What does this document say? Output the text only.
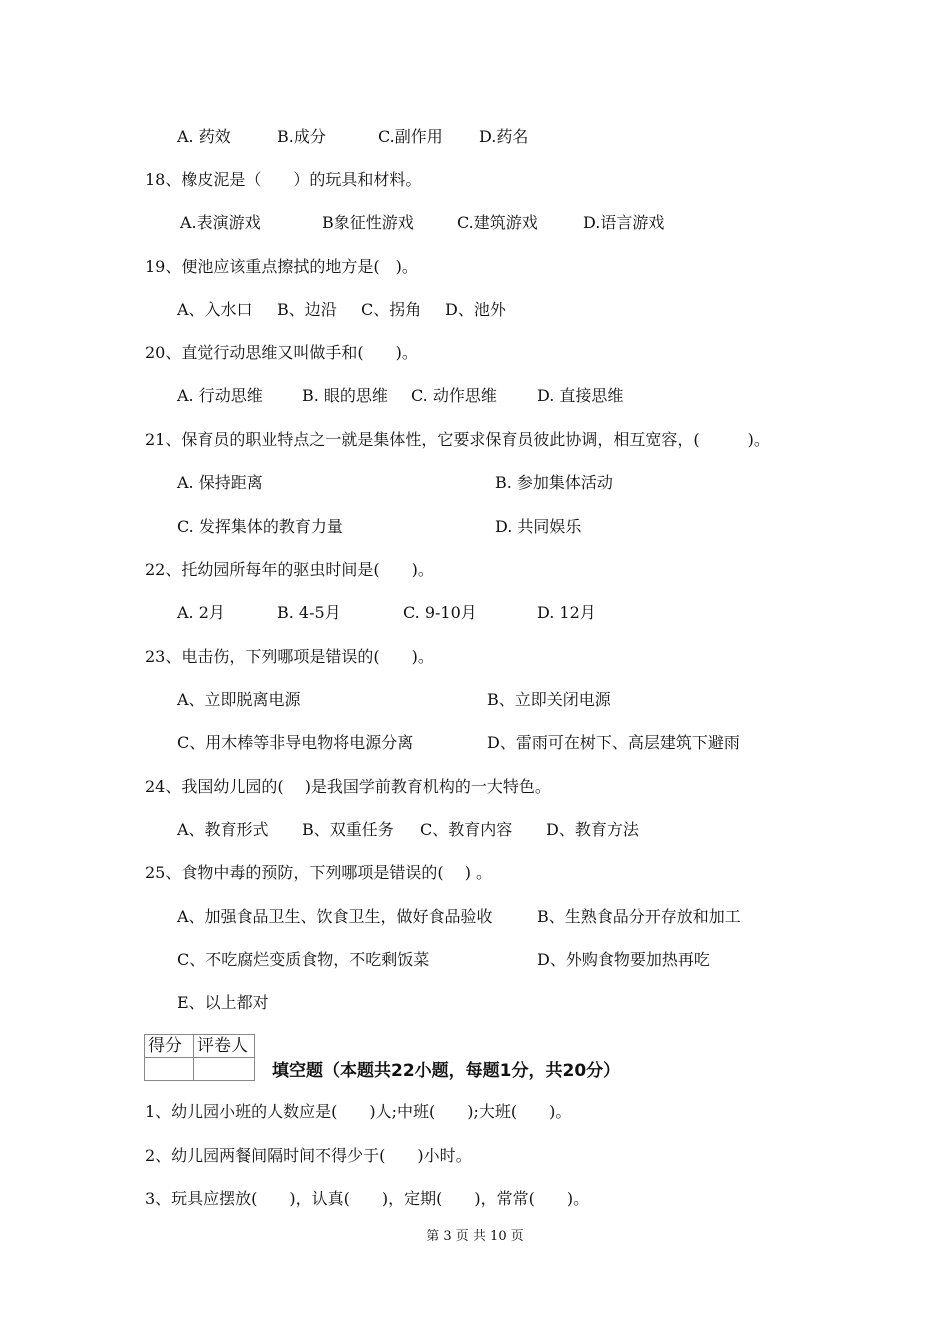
A. 药效	B.成分	C.副作用 D.药名
18、橡皮泥是（　　）的玩具和材料。
A.表演游戏	B象征性游戏	C.建筑游戏	D.语言游戏
19、便池应该重点擦拭的地方是(　)。
A、入水口 B、边沿 C、拐角 D、池外
20、直觉行动思维又叫做手和(　　)。
A. 行动思维 B. 眼的思维 C. 动作思维	D. 直接思维
21、保育员的职业特点之一就是集体性，它要求保育员彼此协调，相互宽容，(　　　)。
A. 保持距离	B. 参加集体活动
C. 发挥集体的教育力量	D. 共同娱乐
22、托幼园所每年的驱虫时间是(　　)。
A. 2月	B. 4-5月	C. 9-10月	D. 12月
23、电击伤，下列哪项是错误的(　　)。
A、立即脱离电源	B、立即关闭电源
C、用木棒等非导电物将电源分离	D、雷雨可在树下、高层建筑下避雨
24、我国幼儿园的(　 )是我国学前教育机构的一大特色。
A、教育形式 B、双重任务 C、教育内容 D、教育方法
25、食物中毒的预防，下列哪项是错误的(　 ) 。
A、加强食品卫生、饮食卫生，做好食品验收	B、生熟食品分开存放和加工
C、不吃腐烂变质食物，不吃剩饭菜	D、外购食物要加热再吃
E、以上都对
得分	评卷人

填空题（本题共22小题，每题1分，共20分）
1、幼儿园小班的人数应是(　　)人;中班(　　);大班(　　)。
2、幼儿园两餐间隔时间不得少于(　　)小时。
3、玩具应摆放(　　)，认真(　　)，定期(　　)，常常(　　)。
第 3 页 共 10 页
